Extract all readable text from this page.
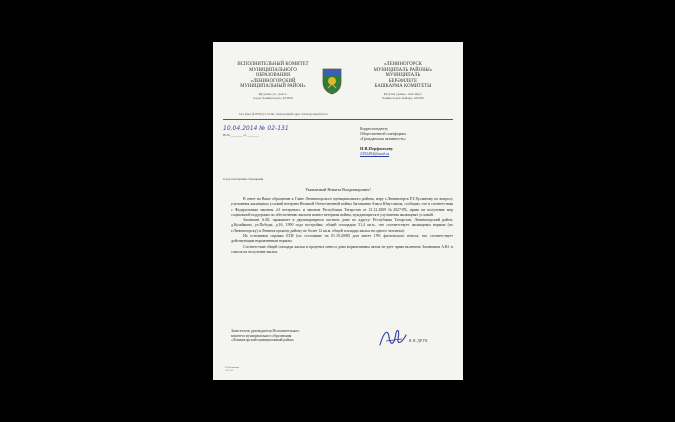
ИСПОЛНИТЕЛЬНЫЙ КОМИТЕТ
МУНИЦИПАЛЬНОГО
ОБРАЗОВАНИЯ
«ЛЕНИНОГОРСКИЙ
МУНИЦИПАЛЬНЫЙ РАЙОН»
Кутузова ул., дом 1,
город Лениногорск, 423250
«ЛЕНИНОГОРСК
МУНИЦИПАЛЬ РАЙОНЫ»
МУНИЦИПАЛЬ
БЕРӘМЛЕГЕ
БАШКАРМА КОМИТЕТЫ
Кутузов урамы, 1нче йорт,
Лениногорск шәһәре, 423250
Тел. факс (8-85595) 5-10-60. Электронный адрес: leninogorsk@tatar.ru
10.04.2014 № 02-131
На № ________ от ________
Корреспонденту
Общественной платформы
«Гражданская активность»
Н.В.Перфильеву
2392494@mail.ru
О рассмотрении обращения
Уважаемый Никита Владимирович!

В ответ на Ваше обращение к Главе Лениногорского муниципального района, мэру г.Лениногорск Р.Г.Хусаинову по вопросу улучшения жилищных условий ветерана Великой Отечественной войны Заганшина Анаса Юнусовича, сообщаю, что в соответствии с Федеральным законом «О ветеранах» и законом Республики Татарстан от 21.12.2009 №2027-РБ, право на получение мер социальной поддержки по обеспечению жильем имеют ветераны войны, нуждающиеся в улучшении жилищных условий.

Заганшин А.Ю. проживает в двухквартирном частном доме по адресу: Республика Татарстан, Лениногорский район, д.Кузайкино, ул.Победы, д.16, 1990 года постройки, общей площадью 51,4 кв.м., что соответствует жилищным нормам (по г.Лениногорску) и Лениногорскому району не более 12 кв.м. общей площади жилья на одного человека).

На основании справки БТИ (по состоянию на 01.10.2008) дом имеет 19% физического износа, что соответствует действующим нормативным нормам.

Соответствие общей площади жилья и процента износа дома нормативным актам не дает права включить Заганшина А.Ю. в список на получение жилья.

Заместитель руководителя Исполнительного
комитета муниципального образования
«Лениногорский муниципальный район»	В.В.ДРУК
Е.Л.Романова
5-27-54
